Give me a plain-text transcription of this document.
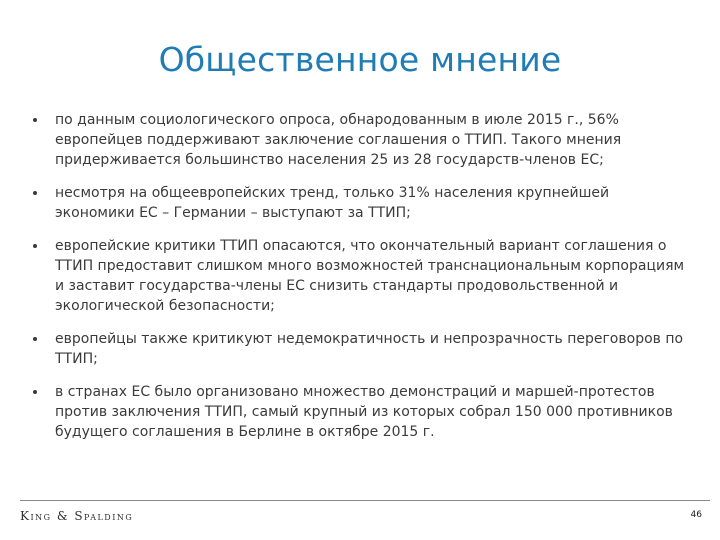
Общественное мнение
по данным социологического опроса, обнародованным в июле 2015 г., 56% европейцев поддерживают заключение соглашения о ТТИП. Такого мнения придерживается большинство населения 25 из 28 государств-членов ЕС;
несмотря на общеевропейских тренд, только 31% населения крупнейшей экономики ЕС – Германии – выступают за ТТИП;
европейские критики ТТИП опасаются, что окончательный вариант соглашения о ТТИП предоставит слишком много возможностей транснациональным корпорациям и заставит государства-члены ЕС снизить стандарты продовольственной и экологической безопасности;
европейцы также критикуют недемократичность и непрозрачность переговоров по ТТИП;
в странах ЕС было организовано множество демонстраций и маршей-протестов против заключения ТТИП, самый крупный из которых собрал 150 000 противников будущего соглашения в Берлине в октябре 2015 г.
King & Spalding	46
